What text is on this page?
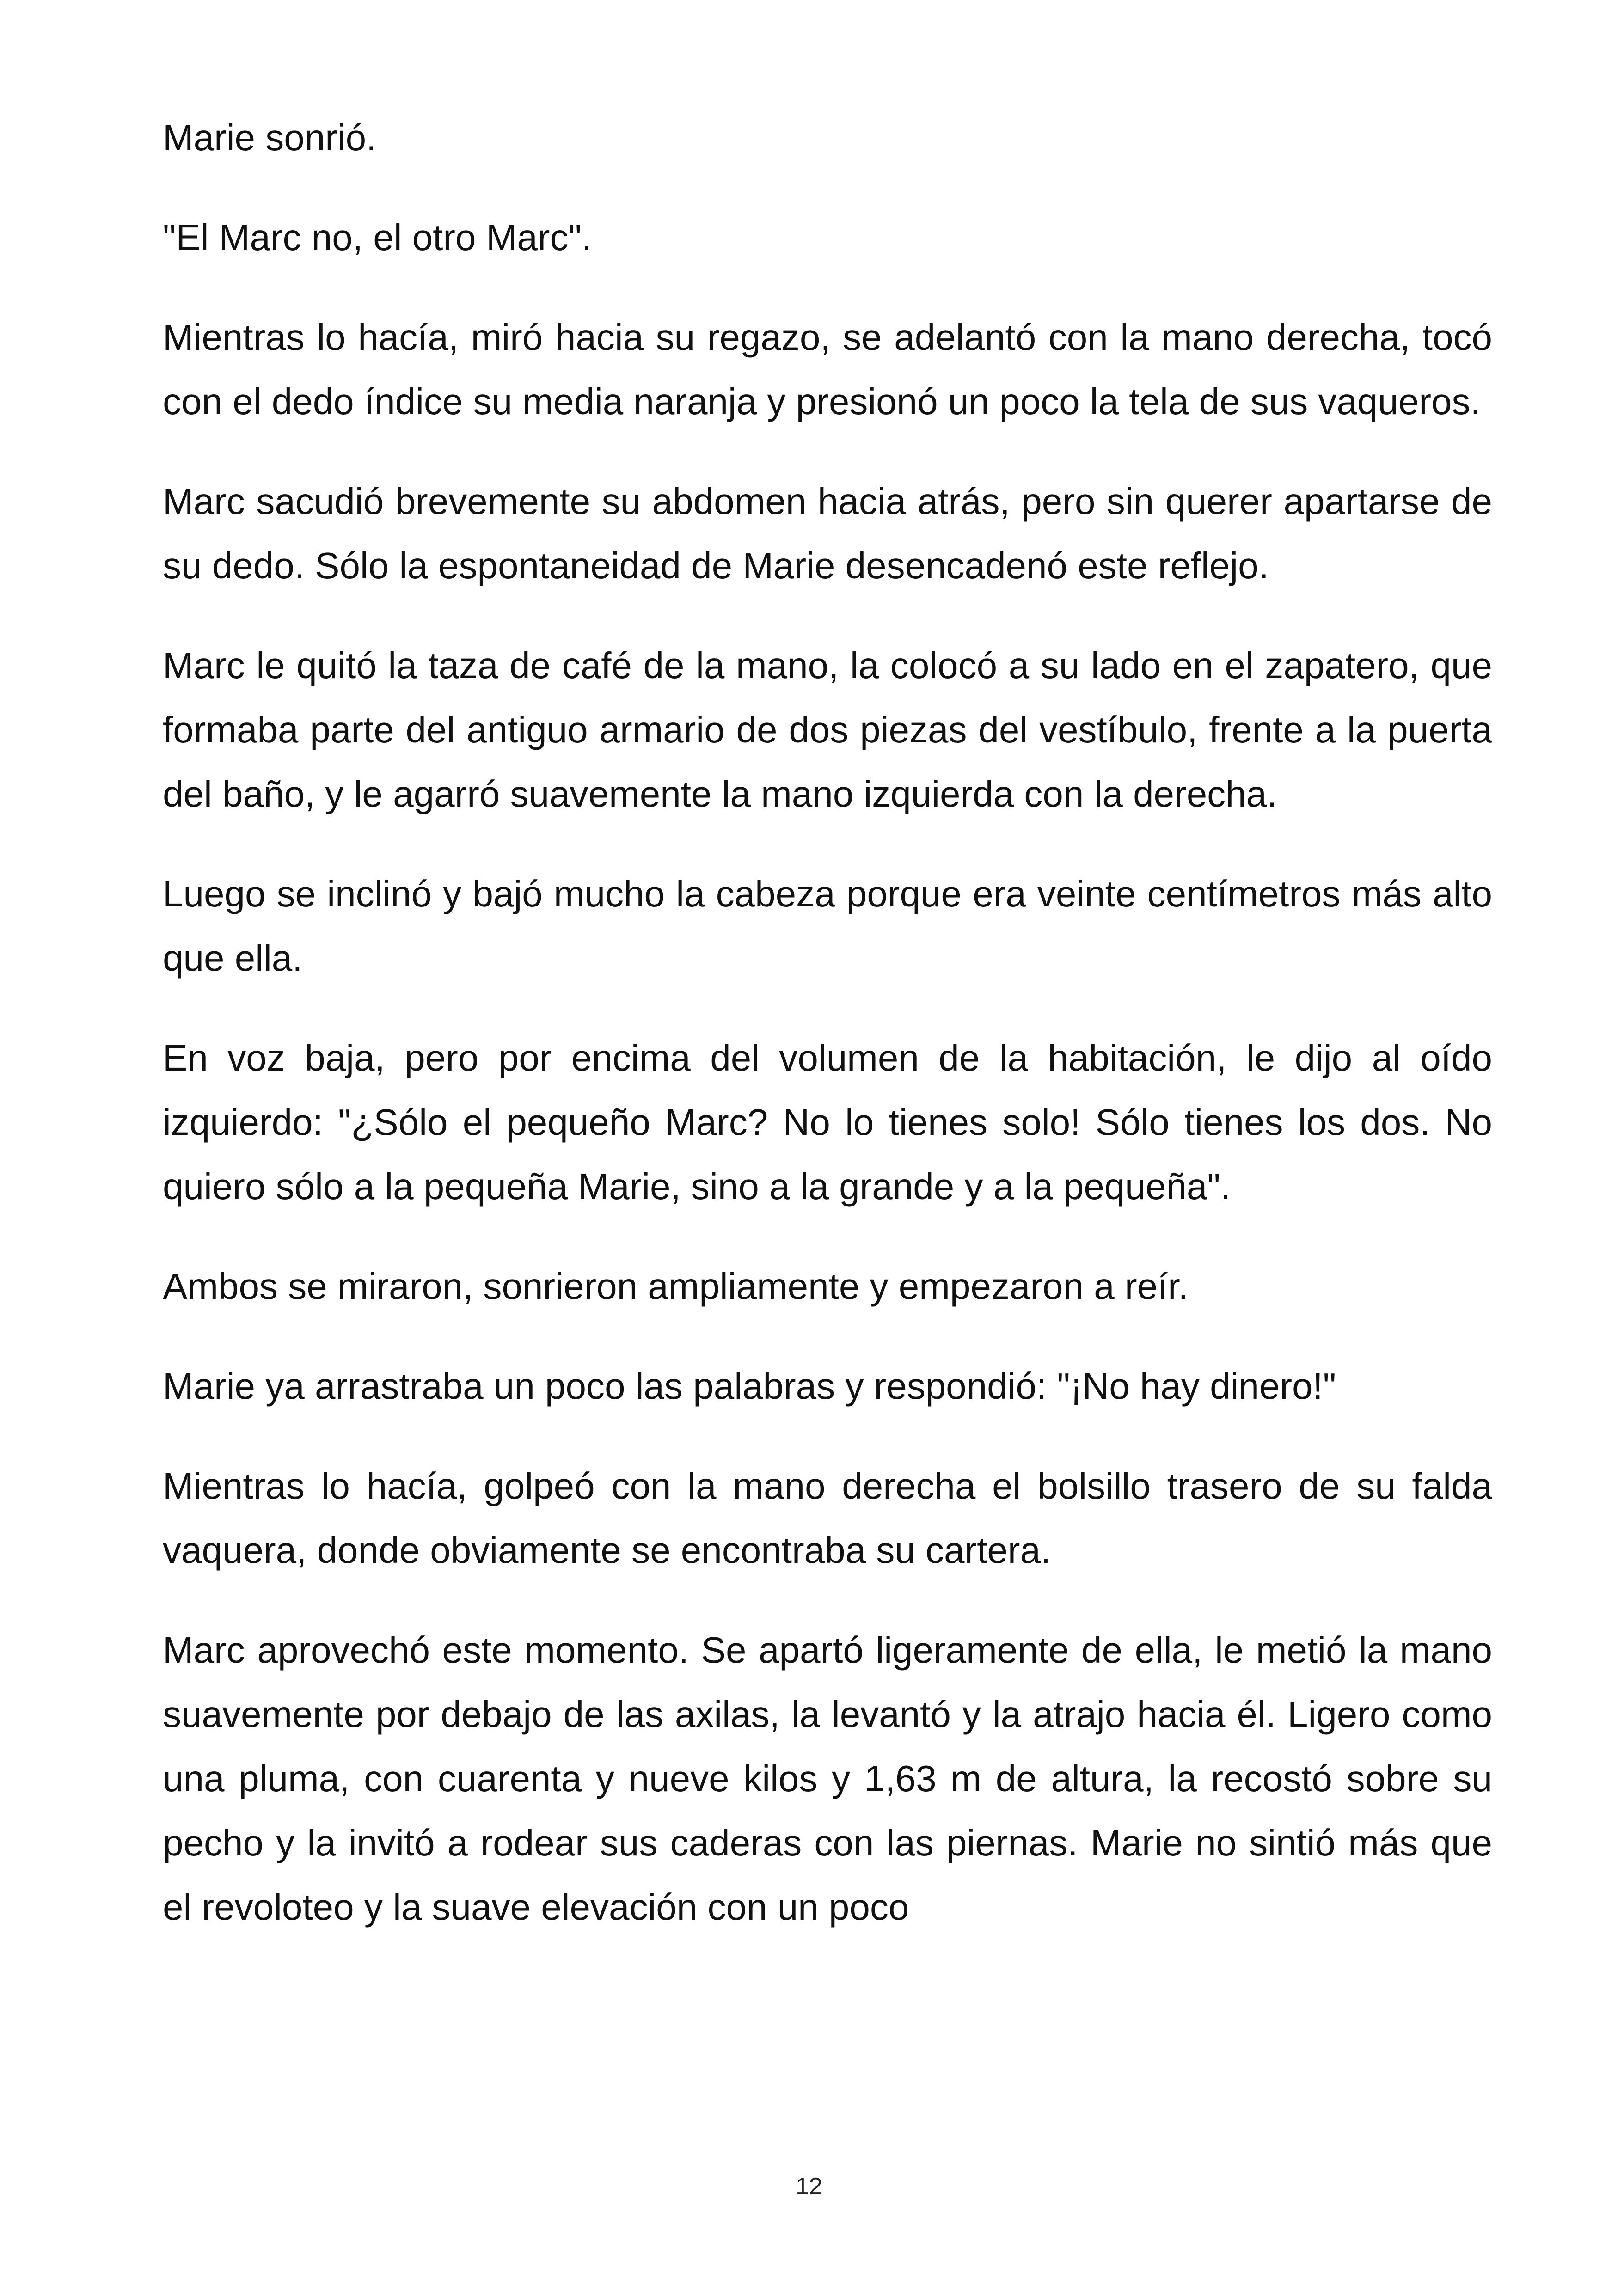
Marie sonrió.

"El Marc no, el otro Marc".

Mientras lo hacía, miró hacia su regazo, se adelantó con la mano derecha, tocó con el dedo índice su media naranja y presionó un poco la tela de sus vaqueros.

Marc sacudió brevemente su abdomen hacia atrás, pero sin querer apartarse de su dedo. Sólo la espontaneidad de Marie desencadenó este reflejo.

Marc le quitó la taza de café de la mano, la colocó a su lado en el zapatero, que formaba parte del antiguo armario de dos piezas del vestíbulo, frente a la puerta del baño, y le agarró suavemente la mano izquierda con la derecha.

Luego se inclinó y bajó mucho la cabeza porque era veinte centímetros más alto que ella.

En voz baja, pero por encima del volumen de la habitación, le dijo al oído izquierdo: "¿Sólo el pequeño Marc? No lo tienes solo! Sólo tienes los dos. No quiero sólo a la pequeña Marie, sino a la grande y a la pequeña".

Ambos se miraron, sonrieron ampliamente y empezaron a reír.

Marie ya arrastraba un poco las palabras y respondió: "¡No hay dinero!"

Mientras lo hacía, golpeó con la mano derecha el bolsillo trasero de su falda vaquera, donde obviamente se encontraba su cartera.

Marc aprovechó este momento. Se apartó ligeramente de ella, le metió la mano suavemente por debajo de las axilas, la levantó y la atrajo hacia él. Ligero como una pluma, con cuarenta y nueve kilos y 1,63 m de altura, la recostó sobre su pecho y la invitó a rodear sus caderas con las piernas. Marie no sintió más que el revoloteo y la suave elevación con un poco

12
